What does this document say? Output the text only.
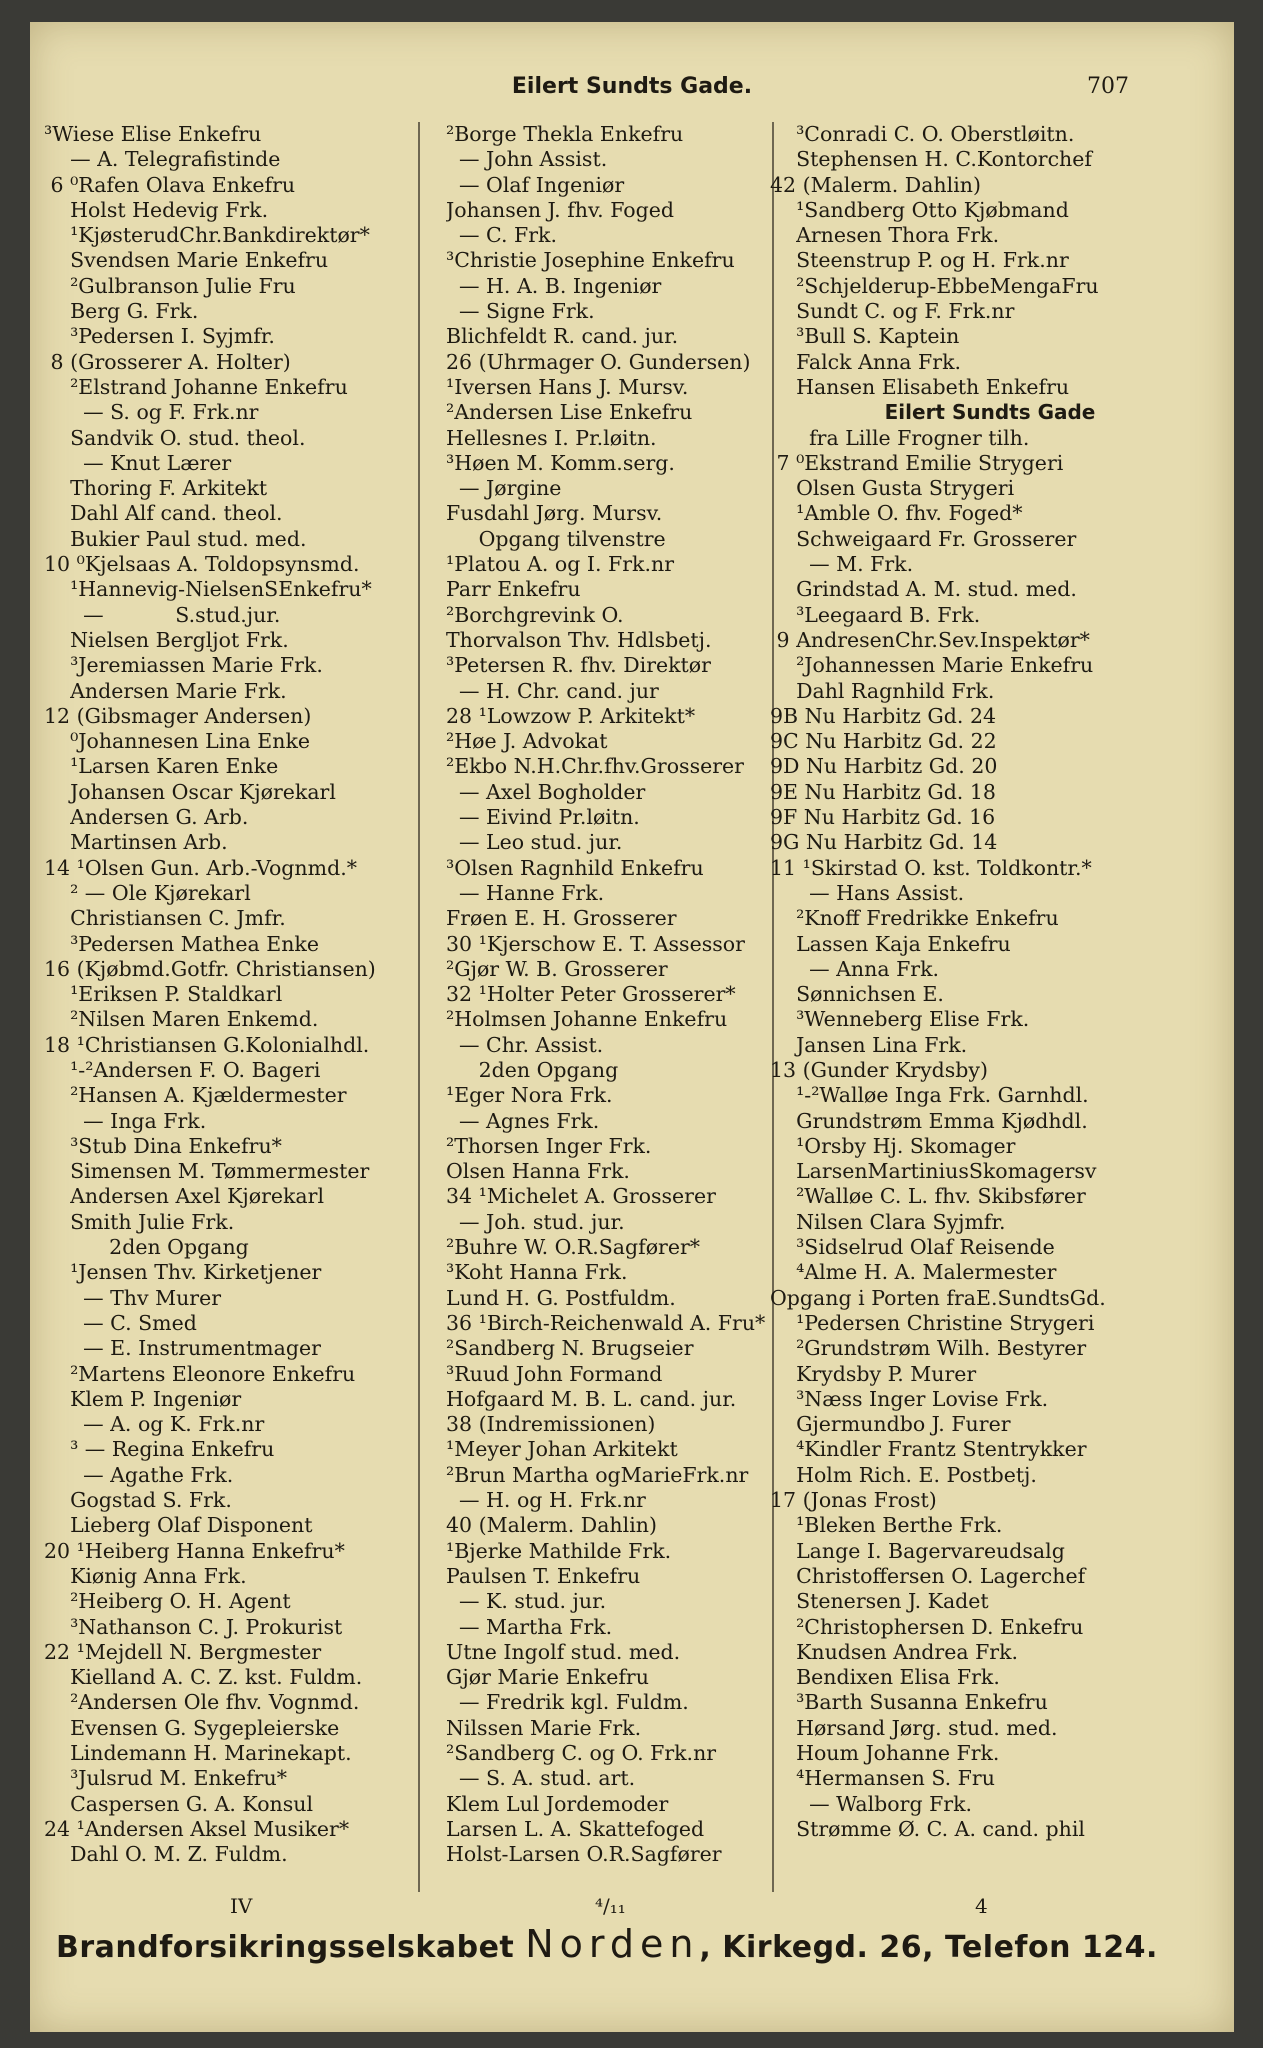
Eilert Sundts Gade.	707
³Wiese Elise Enkefru
— A. Telegrafistinde
6 ⁰Rafen Olava Enkefru
Holst Hedevig Frk.
¹KjøsterudChr.Bankdirektør*
Svendsen Marie Enkefru
²Gulbranson Julie Fru
Berg G. Frk.
³Pedersen I. Syjmfr.
8 (Grosserer A. Holter)
²Elstrand Johanne Enkefru
— S. og F. Frk.nr
Sandvik O. stud. theol.
— Knut Lærer
Thoring F. Arkitekt
Dahl Alf cand. theol.
Bukier Paul stud. med.
10 ⁰Kjelsaas A. Toldopsynsmd.
¹Hannevig-NielsenSEnkefru*
—           S.stud.jur.
Nielsen Bergljot Frk.
³Jeremiassen Marie Frk.
Andersen Marie Frk.
12 (Gibsmager Andersen)
⁰Johannesen Lina Enke
¹Larsen Karen Enke
Johansen Oscar Kjørekarl
Andersen G. Arb.
Martinsen Arb.
14 ¹Olsen Gun. Arb.-Vognmd.*
² — Ole Kjørekarl
Christiansen C. Jmfr.
³Pedersen Mathea Enke
16 (Kjøbmd.Gotfr. Christiansen)
¹Eriksen P. Staldkarl
²Nilsen Maren Enkemd.
18 ¹Christiansen G.Kolonialhdl.
¹-²Andersen F. O. Bageri
²Hansen A. Kjældermester
— Inga Frk.
³Stub Dina Enkefru*
Simensen M. Tømmermester
Andersen Axel Kjørekarl
Smith Julie Frk.
2den Opgang
¹Jensen Thv. Kirketjener
— Thv Murer
— C. Smed
— E. Instrumentmager
²Martens Eleonore Enkefru
Klem P. Ingeniør
— A. og K. Frk.nr
³ — Regina Enkefru
— Agathe Frk.
Gogstad S. Frk.
Lieberg Olaf Disponent
20 ¹Heiberg Hanna Enkefru*
Kiønig Anna Frk.
²Heiberg O. H. Agent
³Nathanson C. J. Prokurist
22 ¹Mejdell N. Bergmester
Kielland A. C. Z. kst. Fuldm.
²Andersen Ole fhv. Vognmd.
Evensen G. Sygepleierske
Lindemann H. Marinekapt.
³Julsrud M. Enkefru*
Caspersen G. A. Konsul
24 ¹Andersen Aksel Musiker*
Dahl O. M. Z. Fuldm.
²Borge Thekla Enkefru
— John Assist.
— Olaf Ingeniør
Johansen J. fhv. Foged
— C. Frk.
³Christie Josephine Enkefru
— H. A. B. Ingeniør
— Signe Frk.
Blichfeldt R. cand. jur.
26 (Uhrmager O. Gundersen)
¹Iversen Hans J. Mursv.
²Andersen Lise Enkefru
Hellesnes I. Pr.løitn.
³Høen M. Komm.serg.
— Jørgine
Fusdahl Jørg. Mursv.
Opgang tilvenstre
¹Platou A. og I. Frk.nr
Parr Enkefru
²Borchgrevink O.
Thorvalson Thv. Hdlsbetj.
³Petersen R. fhv. Direktør
— H. Chr. cand. jur
28 ¹Lowzow P. Arkitekt*
²Høe J. Advokat
²Ekbo N.H.Chr.fhv.Grosserer
— Axel Bogholder
— Eivind Pr.løitn.
— Leo stud. jur.
³Olsen Ragnhild Enkefru
— Hanne Frk.
Frøen E. H. Grosserer
30 ¹Kjerschow E. T. Assessor
²Gjør W. B. Grosserer
32 ¹Holter Peter Grosserer*
²Holmsen Johanne Enkefru
— Chr. Assist.
2den Opgang
¹Eger Nora Frk.
— Agnes Frk.
²Thorsen Inger Frk.
Olsen Hanna Frk.
34 ¹Michelet A. Grosserer
— Joh. stud. jur.
²Buhre W. O.R.Sagfører*
³Koht Hanna Frk.
Lund H. G. Postfuldm.
36 ¹Birch-Reichenwald A. Fru*
²Sandberg N. Brugseier
³Ruud John Formand
Hofgaard M. B. L. cand. jur.
38 (Indremissionen)
¹Meyer Johan Arkitekt
²Brun Martha ogMarieFrk.nr
— H. og H. Frk.nr
40 (Malerm. Dahlin)
¹Bjerke Mathilde Frk.
Paulsen T. Enkefru
— K. stud. jur.
— Martha Frk.
Utne Ingolf stud. med.
Gjør Marie Enkefru
— Fredrik kgl. Fuldm.
Nilssen Marie Frk.
²Sandberg C. og O. Frk.nr
— S. A. stud. art.
Klem Lul Jordemoder
Larsen L. A. Skattefoged
Holst-Larsen O.R.Sagfører
³Conradi C. O. Oberstløitn.
Stephensen H. C.Kontorchef
42 (Malerm. Dahlin)
¹Sandberg Otto Kjøbmand
Arnesen Thora Frk.
Steenstrup P. og H. Frk.nr
²Schjelderup-EbbeMengaFru
Sundt C. og F. Frk.nr
³Bull S. Kaptein
Falck Anna Frk.
Hansen Elisabeth Enkefru
Eilert Sundts Gade
fra Lille Frogner tilh.
7 ⁰Ekstrand Emilie Strygeri
Olsen Gusta Strygeri
¹Amble O. fhv. Foged*
Schweigaard Fr. Grosserer
— M. Frk.
Grindstad A. M. stud. med.
³Leegaard B. Frk.
9 AndresenChr.Sev.Inspektør*
²Johannessen Marie Enkefru
Dahl Ragnhild Frk.
9B Nu Harbitz Gd. 24
9C Nu Harbitz Gd. 22
9D Nu Harbitz Gd. 20
9E Nu Harbitz Gd. 18
9F Nu Harbitz Gd. 16
9G Nu Harbitz Gd. 14
11 ¹Skirstad O. kst. Toldkontr.*
— Hans Assist.
²Knoff Fredrikke Enkefru
Lassen Kaja Enkefru
— Anna Frk.
Sønnichsen E.
³Wenneberg Elise Frk.
Jansen Lina Frk.
13 (Gunder Krydsby)
¹-²Walløe Inga Frk. Garnhdl.
Grundstrøm Emma Kjødhdl.
¹Orsby Hj. Skomager
LarsenMartiniusSkomagersv
²Walløe C. L. fhv. Skibsfører
Nilsen Clara Syjmfr.
³Sidselrud Olaf Reisende
⁴Alme H. A. Malermester
Opgang i Porten fraE.SundtsGd.
¹Pedersen Christine Strygeri
²Grundstrøm Wilh. Bestyrer
Krydsby P. Murer
³Næss Inger Lovise Frk.
Gjermundbo J. Furer
⁴Kindler Frantz Stentrykker
Holm Rich. E. Postbetj.
17 (Jonas Frost)
¹Bleken Berthe Frk.
Lange I. Bagervareudsalg
Christoffersen O. Lagerchef
Stenersen J. Kadet
²Christophersen D. Enkefru
Knudsen Andrea Frk.
Bendixen Elisa Frk.
³Barth Susanna Enkefru
Hørsand Jørg. stud. med.
Houm Johanne Frk.
⁴Hermansen S. Fru
— Walborg Frk.
Strømme Ø. C. A. cand. phil
IV	⁴/₁₁	4
Brandforsikringsselskabet Norden, Kirkegd. 26, Telefon 124.
